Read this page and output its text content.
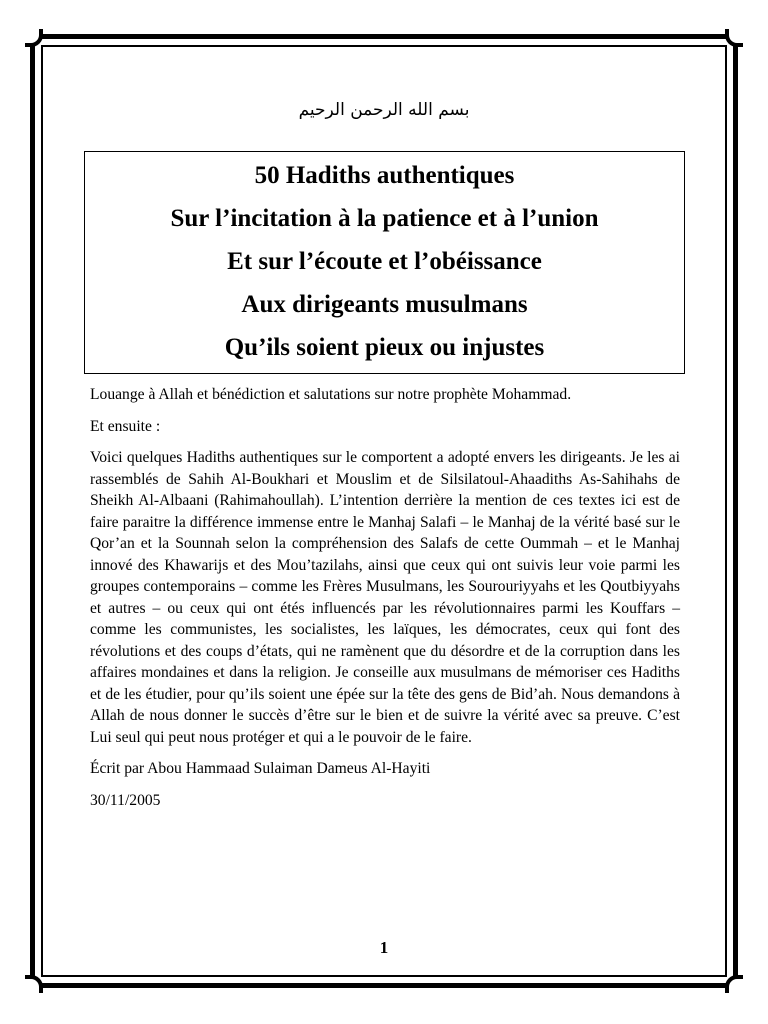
بسم الله الرحمن الرحيم
50 Hadiths authentiques
Sur l’incitation à la patience et à l’union
Et sur l’écoute et l’obéissance
Aux dirigeants musulmans
Qu’ils soient pieux ou injustes

Louange à Allah et bénédiction et salutations sur notre prophète Mohammad.

Et ensuite :

Voici quelques Hadiths authentiques sur le comportent a adopté envers les dirigeants. Je les ai rassemblés de Sahih Al-Boukhari et Mouslim et de Silsilatoul-Ahaadiths As-Sahihahs de Sheikh Al-Albaani (Rahimahoullah). L’intention derrière la mention de ces textes ici est de faire paraitre la différence immense entre le Manhaj Salafi – le Manhaj de la vérité basé sur le Qor’an et la Sounnah selon la compréhension des Salafs de cette Oummah – et le Manhaj innové des Khawarijs et des Mou’tazilahs, ainsi que ceux qui ont suivis leur voie parmi les groupes contemporains – comme les Frères Musulmans, les Sourouriyyahs et les Qoutbiyyahs et autres – ou ceux qui ont étés influencés par les révolutionnaires parmi les Kouffars – comme les communistes, les socialistes, les laïques, les démocrates, ceux qui font des révolutions et des coups d’états, qui ne ramènent que du désordre et de la corruption dans les affaires mondaines et dans la religion. Je conseille aux musulmans de mémoriser ces Hadiths et de les étudier, pour qu’ils soient une épée sur la tête des gens de Bid’ah. Nous demandons à Allah de nous donner le succès d’être sur le bien et de suivre la vérité avec sa preuve. C’est Lui seul qui peut nous protéger et qui a le pouvoir de le faire.

Écrit par Abou Hammaad Sulaiman Dameus Al-Hayiti

30/11/2005

1
